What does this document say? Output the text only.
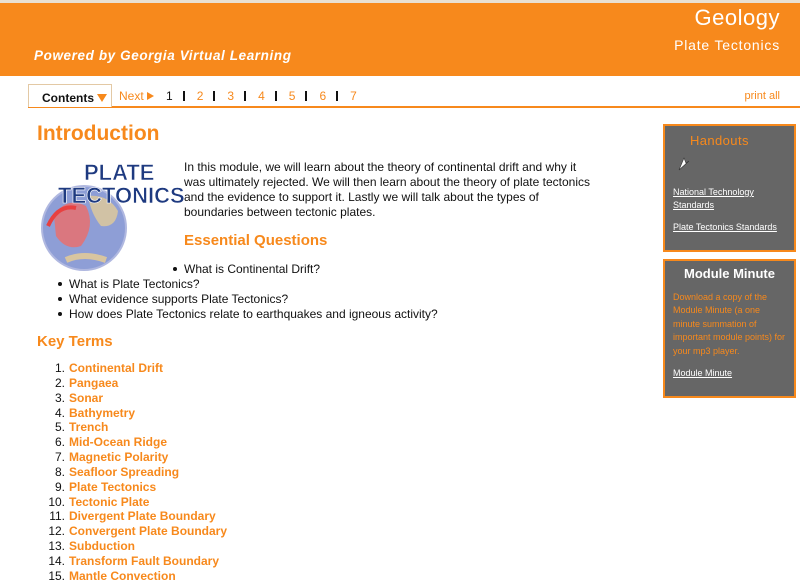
Powered by Georgia Virtual Learning
Geology
Plate Tectonics
Contents Next 1 2 3 4 5 6 7	print all
Introduction
PLATE
TECTONICS
In this module, we will learn about the theory of continental drift and why it was ultimately rejected. We will then learn about the theory of plate tectonics and the evidence to support it. Lastly we will talk about the types of boundaries between tectonic plates.
Essential Questions
What is Continental Drift?
What is Plate Tectonics?
What evidence supports Plate Tectonics?
How does Plate Tectonics relate to earthquakes and igneous activity?
Key Terms
1. Continental Drift
2. Pangaea
3. Sonar
4. Bathymetry
5. Trench
6. Mid-Ocean Ridge
7. Magnetic Polarity
8. Seafloor Spreading
9. Plate Tectonics
10. Tectonic Plate
11. Divergent Plate Boundary
12. Convergent Plate Boundary
13. Subduction
14. Transform Fault Boundary
15. Mantle Convection
Handouts
National Technology Standards
Plate Tectonics Standards
Module Minute
Download a copy of the Module Minute (a one minute summation of important module points) for your mp3 player.
Module Minute
